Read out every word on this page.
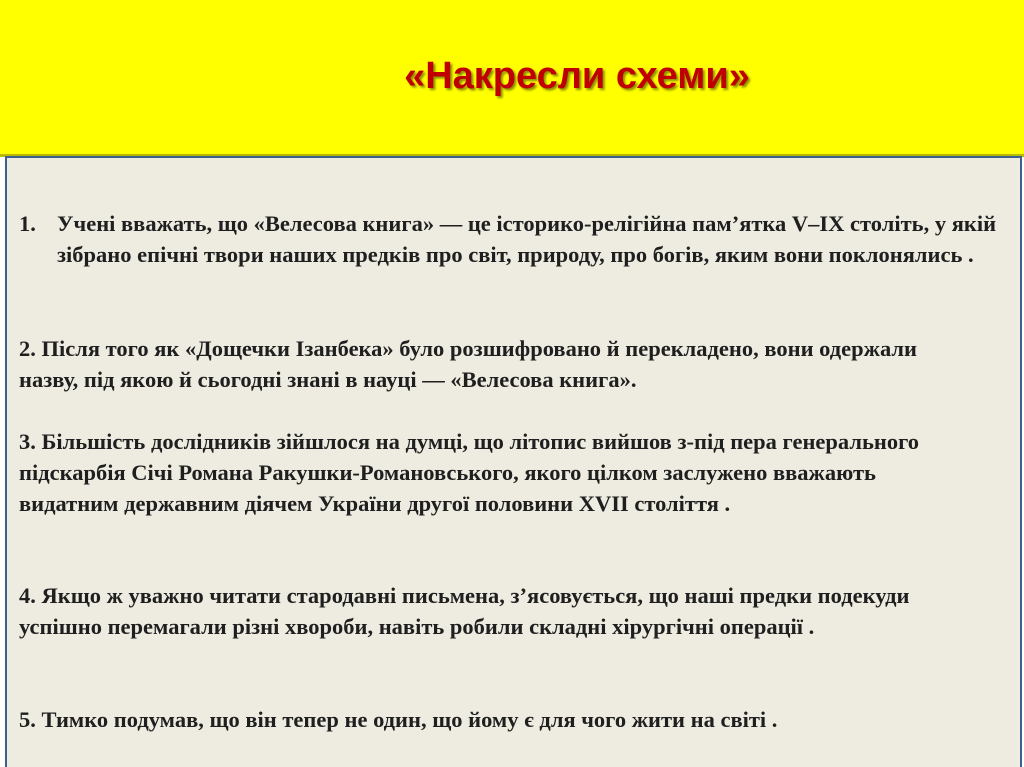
«Накресли схеми»

1. Учені вважать, що «Велесова книга» — це історико-релігійна пам’ятка V–IX століть, у якій зібрано епічні твори наших предків про світ, природу, про богів, яким вони поклонялись .

2. Після того як «Дощечки Ізанбека» було розшифровано й перекладено, вони одержали назву, під якою й сьогодні знані в науці — «Велесова книга».

3. Більшість дослідників зійшлося на думці, що літопис вийшов з-під пера генерального підскарбія Січі Романа Ракушки-Романовського, якого цілком заслужено вважають видатним державним діячем України другої половини XVII століття .

4. Якщо ж уважно читати стародавні письмена, з’ясовується, що наші предки подекуди успішно перемагали різні хвороби, навіть робили складні хірургічні операції .

5. Тимко подумав, що він тепер не один, що йому є для чого жити на світі .
